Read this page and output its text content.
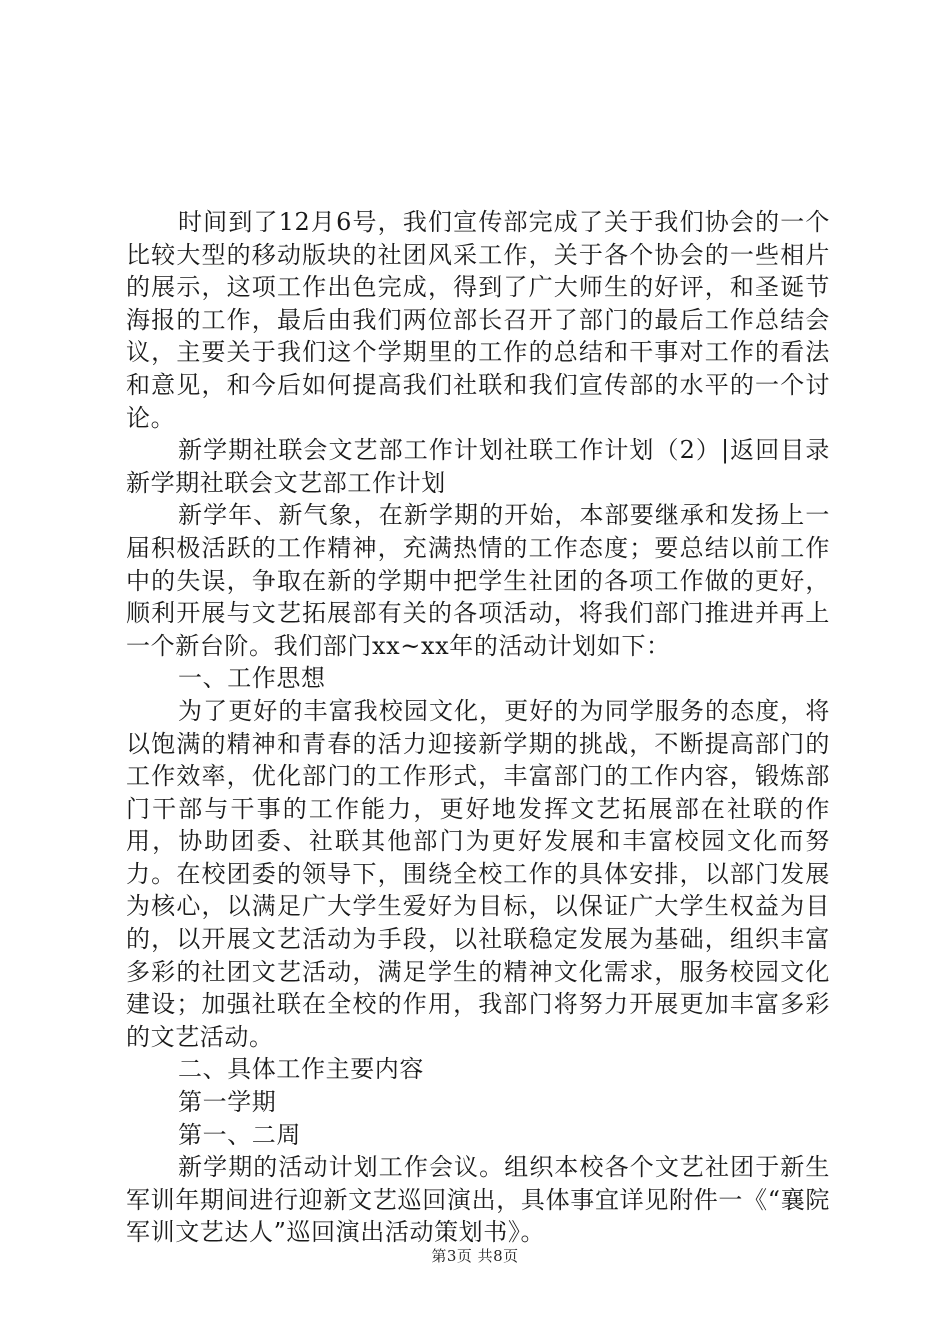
时间到了12月6号，我们宣传部完成了关于我们协会的一个比较大型的移动版块的社团风采工作，关于各个协会的一些相片的展示，这项工作出色完成，得到了广大师生的好评，和圣诞节海报的工作，最后由我们两位部长召开了部门的最后工作总结会议，主要关于我们这个学期里的工作的总结和干事对工作的看法和意见，和今后如何提高我们社联和我们宣传部的水平的一个讨论。

新学期社联会文艺部工作计划社联工作计划（2）|返回目录新学期社联会文艺部工作计划

新学年、新气象，在新学期的开始，本部要继承和发扬上一届积极活跃的工作精神，充满热情的工作态度；要总结以前工作中的失误，争取在新的学期中把学生社团的各项工作做的更好，顺利开展与文艺拓展部有关的各项活动，将我们部门推进并再上一个新台阶。我们部门xx~xx年的活动计划如下：

一、工作思想

为了更好的丰富我校园文化，更好的为同学服务的态度，将以饱满的精神和青春的活力迎接新学期的挑战，不断提高部门的工作效率，优化部门的工作形式，丰富部门的工作内容，锻炼部门干部与干事的工作能力，更好地发挥文艺拓展部在社联的作用，协助团委、社联其他部门为更好发展和丰富校园文化而努力。在校团委的领导下，围绕全校工作的具体安排，以部门发展为核心，以满足广大学生爱好为目标，以保证广大学生权益为目的，以开展文艺活动为手段，以社联稳定发展为基础，组织丰富多彩的社团文艺活动，满足学生的精神文化需求，服务校园文化建设；加强社联在全校的作用，我部门将努力开展更加丰富多彩的文艺活动。

二、具体工作主要内容

第一学期

第一、二周

新学期的活动计划工作会议。组织本校各个文艺社团于新生军训年期间进行迎新文艺巡回演出，具体事宜详见附件一《“襄院军训文艺达人”巡回演出活动策划书》。

第3页 共8页
